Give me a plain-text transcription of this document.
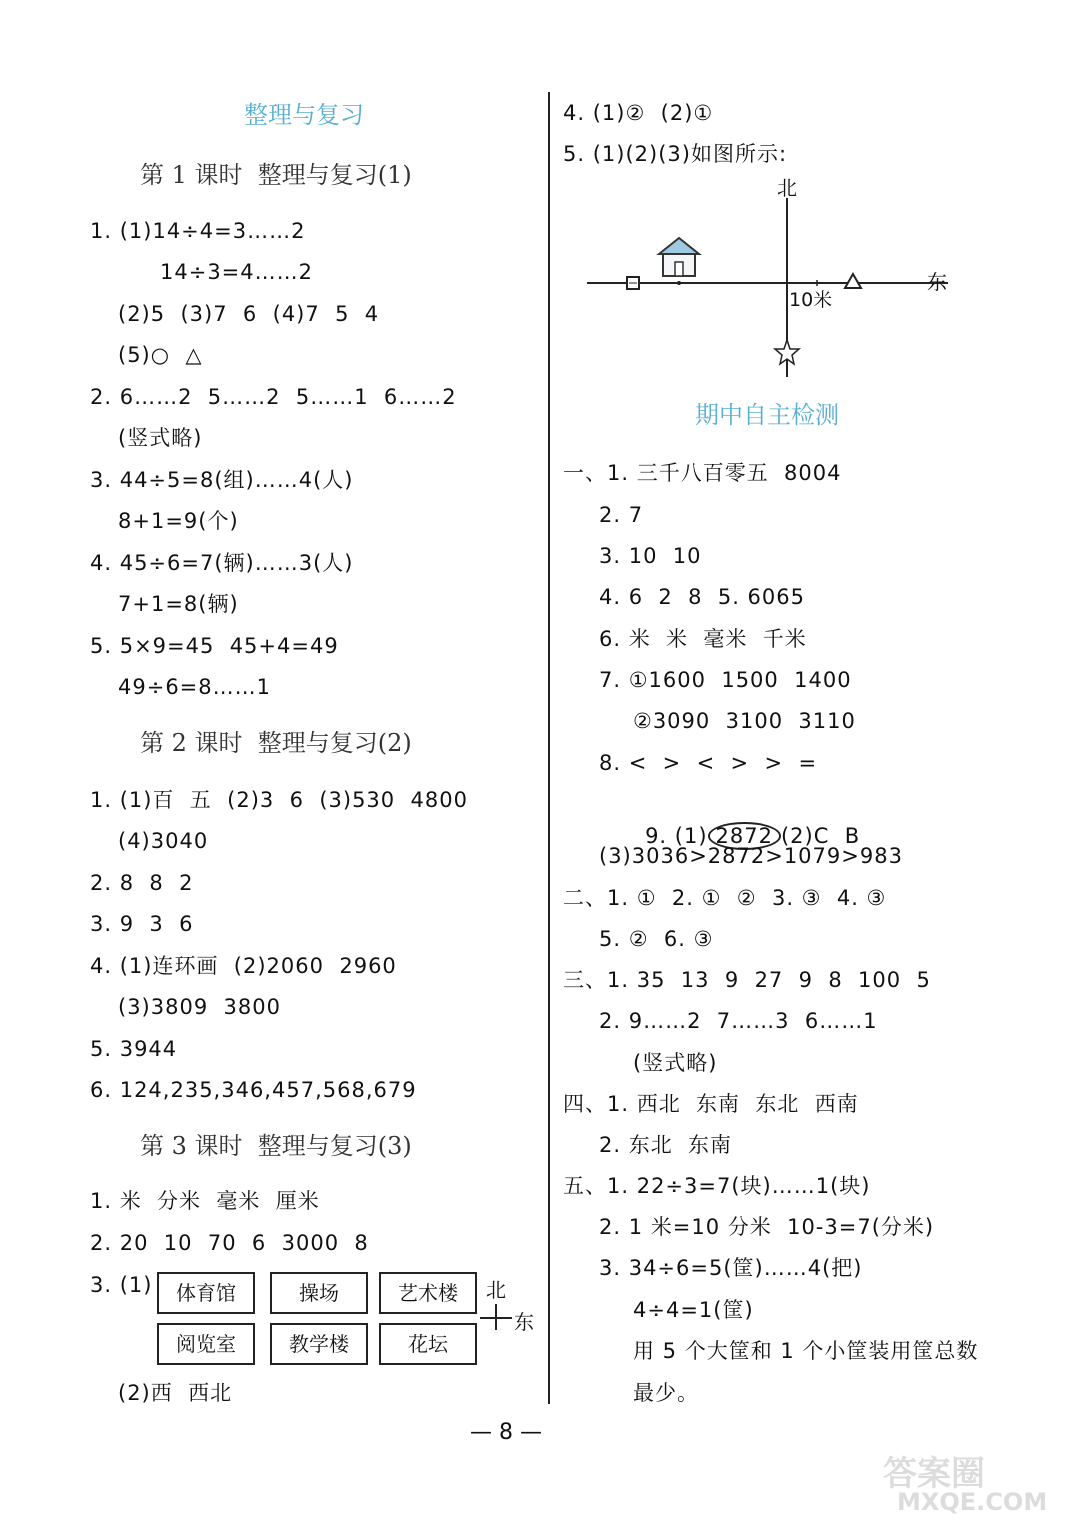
整理与复习
第 1 课时  整理与复习(1)
1. (1)14÷4=3……2
14÷3=4……2
(2)5  (3)7  6  (4)7  5  4
(5)○  △
2. 6……2  5……2  5……1  6……2
(竖式略)
3. 44÷5=8(组)……4(人)
8+1=9(个)
4. 45÷6=7(辆)……3(人)
7+1=8(辆)
5. 5×9=45  45+4=49
49÷6=8……1
第 2 课时  整理与复习(2)
1. (1)百  五  (2)3  6  (3)530  4800
(4)3040
2. 8  8  2
3. 9  3  6
4. (1)连环画  (2)2060  2960
(3)3809  3800
5. 3944
6. 124,235,346,457,568,679
第 3 课时  整理与复习(3)
1. 米  分米  毫米  厘米
2. 20  10  70  6  3000  8
3. (1)	体育馆	操场	艺术楼
阅览室	教学楼	花坛
北
东
(2)西  西北
4. (1)②  (2)①
5. (1)(2)(3)如图所示:
北
东
10米
期中自主检测
一、1. 三千八百零五  8004
2. 7
3. 10  10
4. 6  2  8  5. 6065
6. 米  米  毫米  千米
7. ①1600  1500  1400
②3090  3100  3110
8. <  >  <  >  >  =

9. (1) 2872 (2)C  B

(3)3036>2872>1079>983
二、1. ①  2. ①  ②  3. ③  4. ③
5. ②  6. ③
三、1. 35  13  9  27  9  8  100  5
2. 9……2  7……3  6……1
(竖式略)
四、1. 西北  东南  东北  西南
2. 东北  东南
五、1. 22÷3=7(块)……1(块)
2. 1 米=10 分米  10-3=7(分米)
3. 34÷6=5(筐)……4(把)
4÷4=1(筐)
用 5 个大筐和 1 个小筐装用筐总数
最少。
— 8 —
答案圈
MXQE.COM
